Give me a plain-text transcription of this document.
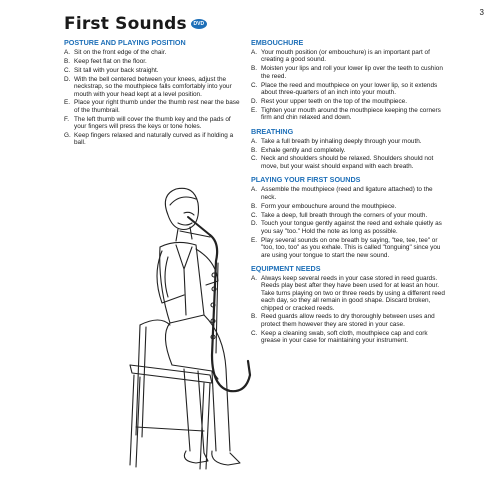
3
First Sounds	DVD
POSTURE AND PLAYING POSITION
A. Sit on the front edge of the chair.
B. Keep feet flat on the floor.
C. Sit tall with your back straight.
D. With the bell centered between your knees, adjust the neckstrap, so the mouthpiece falls comfortably into your mouth with your head kept at a level position.
E. Place your right thumb under the thumb rest near the base of the thumbrail.
F. The left thumb will cover the thumb key and the pads of your fingers will press the keys or tone holes.
G. Keep fingers relaxed and naturally curved as if holding a ball.
EMBOUCHURE
A. Your mouth position (or embouchure) is an important part of creating a good sound.
B. Moisten your lips and roll your lower lip over the teeth to cushion the reed.
C. Place the reed and mouthpiece on your lower lip, so it extends about three-quarters of an inch into your mouth.
D. Rest your upper teeth on the top of the mouthpiece.
E. Tighten your mouth around the mouthpiece keeping the corners firm and chin relaxed and down.
BREATHING
A. Take a full breath by inhaling deeply through your mouth.
B. Exhale gently and completely.
C. Neck and shoulders should be relaxed. Shoulders should not move, but your waist should expand with each breath.
PLAYING YOUR FIRST SOUNDS
A. Assemble the mouthpiece (reed and ligature attached) to the neck.
B. Form your embouchure around the mouthpiece.
C. Take a deep, full breath through the corners of your mouth.
D. Touch your tongue gently against the reed and exhale quietly as you say "too." Hold the note as long as possible.
E. Play several sounds on one breath by saying, "tee, tee, tee" or "too, too, too" as you exhale. This is called "tonguing" since you are using your tongue to start the new sound.
EQUIPMENT NEEDS
A. Always keep several reeds in your case stored in reed guards. Reeds play best after they have been used for at least an hour. Take turns playing on two or three reeds by using a different reed each day, so they all remain in good shape. Discard broken, chipped or cracked reeds.
B. Reed guards allow reeds to dry thoroughly between uses and protect them however they are stored in your case.
C. Keep a cleaning swab, soft cloth, mouthpiece cap and cork grease in your case for maintaining your instrument.
